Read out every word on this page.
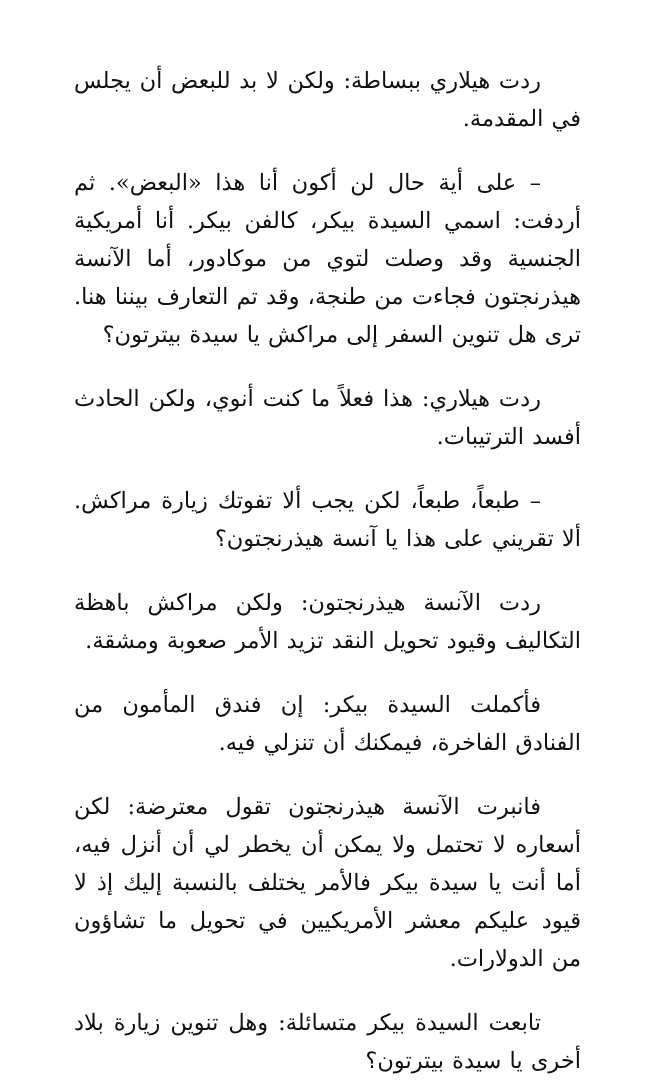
ردت هيلاري ببساطة: ولكن لا بد للبعض أن يجلس في المقدمة.

– على أية حال لن أكون أنا هذا «البعض». ثم أردفت: اسمي السيدة بيكر، كالفن بيكر. أنا أمريكية الجنسية وقد وصلت لتوي من موكادور، أما الآنسة هيذرنجتون فجاءت من طنجة، وقد تم التعارف بيننا هنا. ترى هل تنوين السفر إلى مراكش يا سيدة بيترتون؟

ردت هيلاري: هذا فعلاً ما كنت أنوي، ولكن الحادث أفسد الترتيبات.

– طبعاً، طبعاً، لكن يجب ألا تفوتك زيارة مراكش. ألا تقريني على هذا يا آنسة هيذرنجتون؟

ردت الآنسة هيذرنجتون: ولكن مراكش باهظة التكاليف وقيود تحويل النقد تزيد الأمر صعوبة ومشقة.

فأكملت السيدة بيكر: إن فندق المأمون من الفنادق الفاخرة، فيمكنك أن تنزلي فيه.

فانبرت الآنسة هيذرنجتون تقول معترضة: لكن أسعاره لا تحتمل ولا يمكن أن يخطر لي أن أنزل فيه، أما أنت يا سيدة بيكر فالأمر يختلف بالنسبة إليك إذ لا قيود عليكم معشر الأمريكيين في تحويل ما تشاؤون من الدولارات.

تابعت السيدة بيكر متسائلة: وهل تنوين زيارة بلاد أخرى يا سيدة بيترتون؟
